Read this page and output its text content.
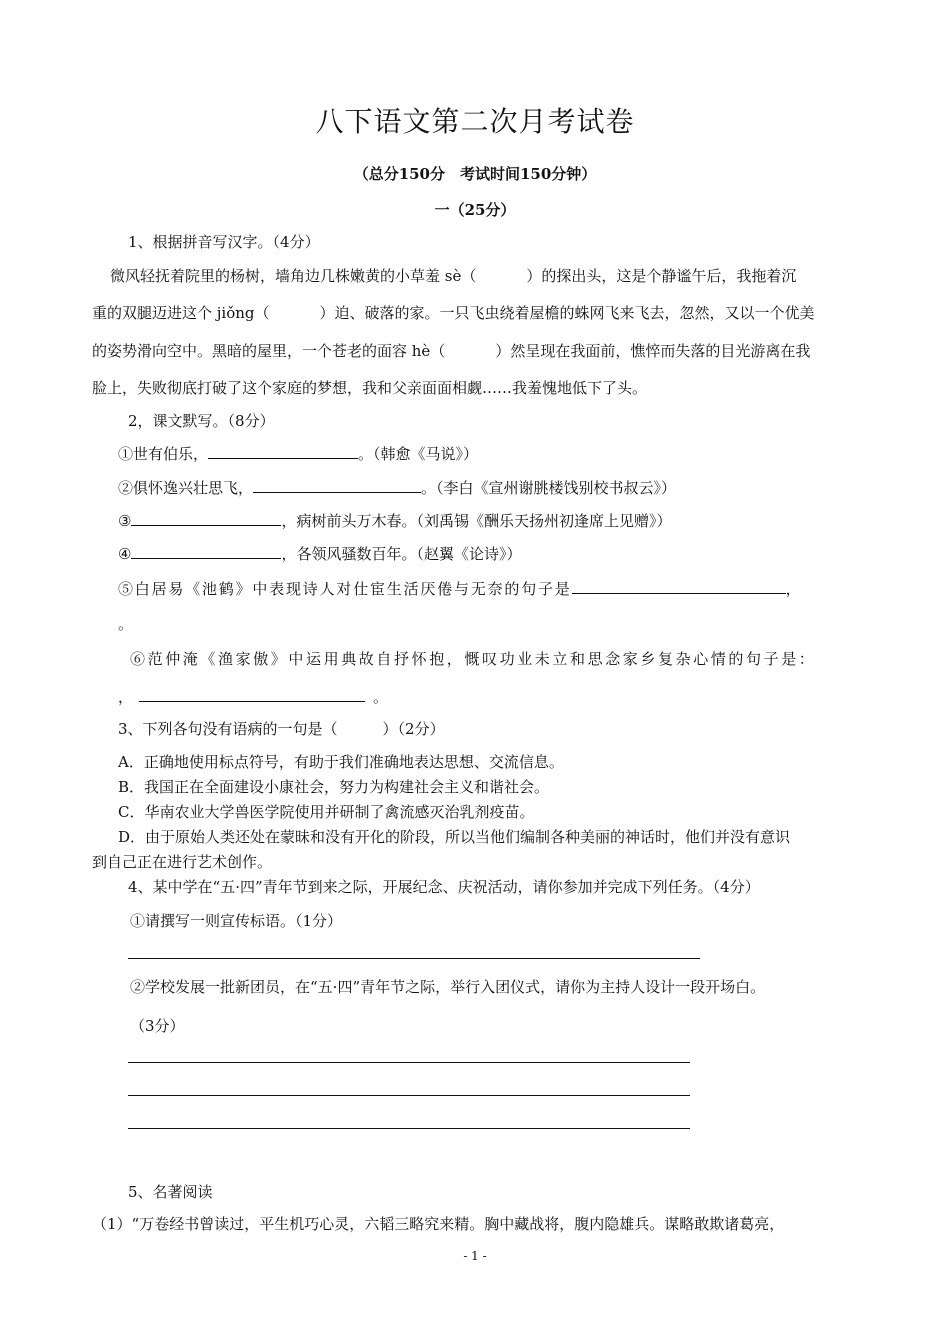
八下语文第二次月考试卷
（总分150分　考试时间150分钟）
一（25分）
1、根据拼音写汉字。（4分）
微风轻抚着院里的杨树，墙角边几株嫩黄的小草羞 sè（	）的探出头，这是个静谧午后，我拖着沉
重的双腿迈进这个 jiǒng（	）迫、破落的家。一只飞虫绕着屋檐的蛛网飞来飞去，忽然，又以一个优美
的姿势滑向空中。黑暗的屋里，一个苍老的面容 hè（	）然呈现在我面前，憔悴而失落的目光游离在我
脸上，失败彻底打破了这个家庭的梦想，我和父亲面面相觑……我羞愧地低下了头。
2，课文默写。（8分）
①世有伯乐，	。（韩愈《马说》）
②俱怀逸兴壮思飞，	。（李白《宣州谢朓楼饯别校书叔云》）
③	，病树前头万木春。（刘禹锡《酬乐天扬州初逢席上见赠》）
④	，各领风骚数百年。（赵翼《论诗》）
⑤白居易《池鹤》中表现诗人对仕宦生活厌倦与无奈的句子是	，
。
⑥范仲淹《渔家傲》中运用典故自抒怀抱，慨叹功业未立和思念家乡复杂心情的句子是：
，	。
3、下列各句没有语病的一句是（　　　）（2分）
A．正确地使用标点符号，有助于我们准确地表达思想、交流信息。
B．我国正在全面建设小康社会，努力为构建社会主义和谐社会。
C．华南农业大学兽医学院使用并研制了禽流感灭治乳剂疫苗。
D．由于原始人类还处在蒙昧和没有开化的阶段，所以当他们编制各种美丽的神话时，他们并没有意识
到自己正在进行艺术创作。
4、某中学在“五·四”青年节到来之际，开展纪念、庆祝活动，请你参加并完成下列任务。（4分）
①请撰写一则宣传标语。（1分）
②学校发展一批新团员，在“五·四”青年节之际，举行入团仪式，请你为主持人设计一段开场白。
（3分）
5、名著阅读
（1）“万卷经书曾读过，平生机巧心灵，六韬三略究来精。胸中藏战将，腹内隐雄兵。谋略敢欺诸葛亮，
- 1 -
